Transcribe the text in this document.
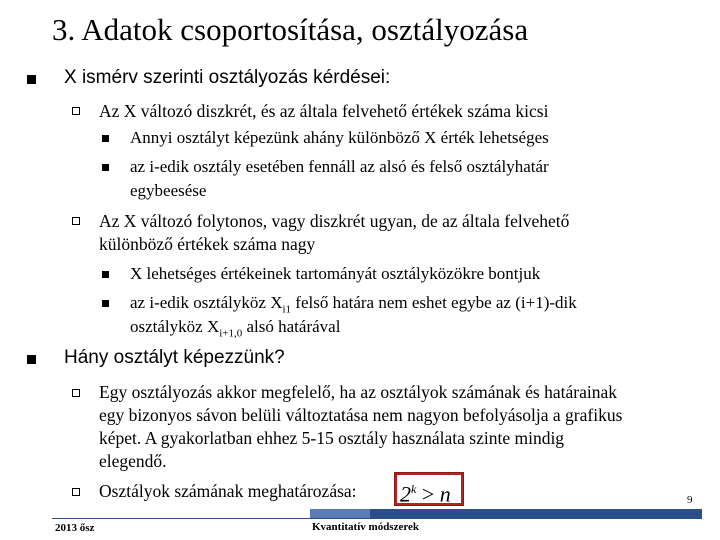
3. Adatok csoportosítása, osztályozása
X ismérv szerinti osztályozás kérdései:
Az X változó diszkrét, és az általa felvehető értékek száma kicsi
Annyi osztályt képezünk ahány különböző X érték lehetséges
az i-edik osztály esetében fennáll az alsó és felső osztályhatár
egybeesése
Az X változó folytonos, vagy diszkrét ugyan, de az általa felvehető
különböző értékek száma nagy
X lehetséges értékeinek tartományát osztályközökre bontjuk
az i-edik osztályköz $X_{i1}$ felső határa nem eshet egybe az (i+1)-dik
osztályköz $X_{i+1,0}$ alsó határával
Hány osztályt képezzünk?
Egy osztályozás akkor megfelelő, ha az osztályok számának és határainak
egy bizonyos sávon belüli változtatása nem nagyon befolyásolja a grafikus
képet. A gyakorlatban ehhez 5-15 osztály használata szinte mindig
elegendő.
Osztályok számának meghatározása: $2^k > n$	9
2013 ősz	Kvantitatív módszerek
